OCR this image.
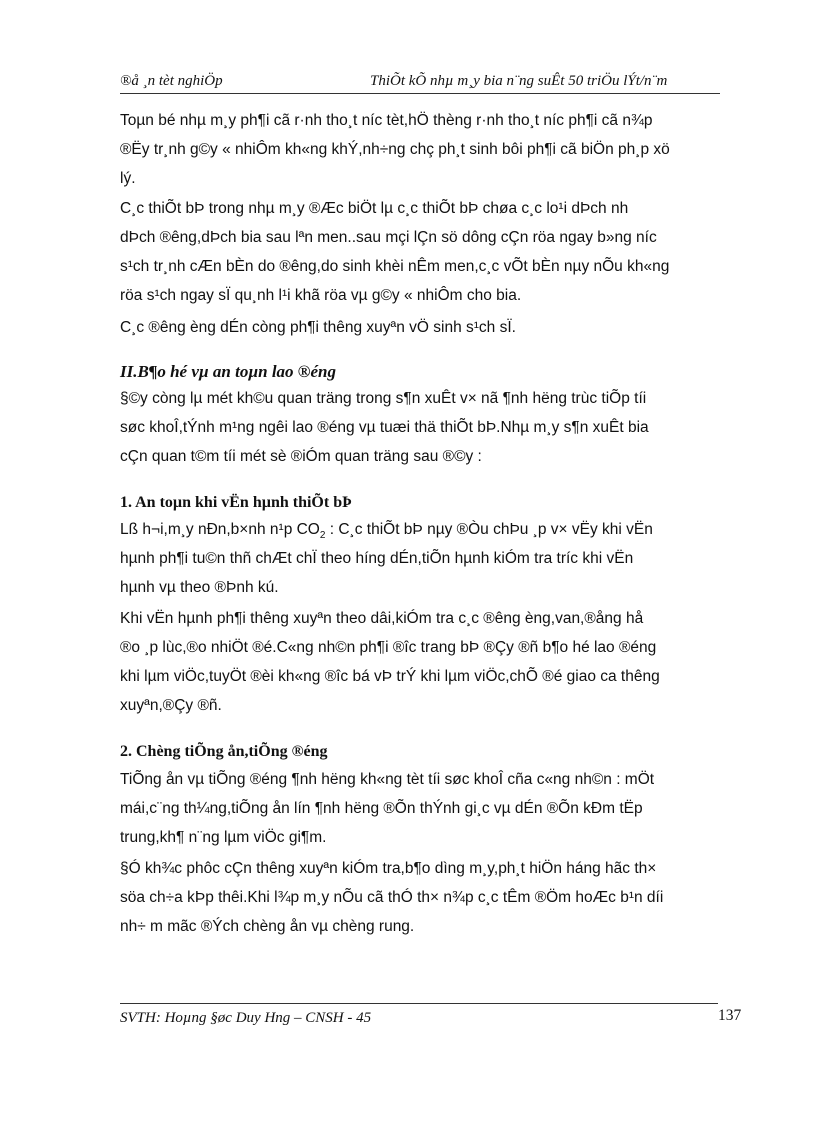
®å ¸n tèt nghiÖp	ThiÕt kÕ nhµ m¸y bia n¨ng suÊt 50 triÖu lÝt/n¨m
Toµn bé nhµ m¸y ph¶i cã r·nh tho¸t níc tèt,hÖ thèng r·nh tho¸t níc ph¶i cã n¾p
®Ëy tr¸nh g©y « nhiÔm kh«ng khÝ,nh÷ng chç ph¸t sinh bôi ph¶i cã biÖn ph¸p xö
lý.
C¸c thiÕt bÞ trong nhµ m¸y ®Æc biÖt lµ c¸c thiÕt bÞ chøa c¸c lo¹i dÞch nh
dÞch ®êng,dÞch bia sau lªn men..sau mçi lÇn sö dông cÇn röa ngay b»ng níc
s¹ch tr¸nh cÆn bÈn do ®êng,do sinh khèi nÊm men,c¸c vÕt bÈn nµy nÕu kh«ng
röa s¹ch ngay sÏ qu¸nh l¹i khã röa vµ g©y « nhiÔm cho bia.
C¸c ®êng èng dÉn còng ph¶i thêng xuyªn vÖ sinh s¹ch sÏ.
II.B¶o hé vµ an toµn lao ®éng
§©y còng lµ mét kh©u quan träng trong s¶n xuÊt v× nã ¶nh hëng trùc tiÕp tíi
søc khoÎ,tÝnh m¹ng ngêi lao ®éng vµ tuæi thä thiÕt bÞ.Nhµ m¸y s¶n xuÊt bia
cÇn quan t©m tíi mét sè ®iÓm quan träng sau ®©y :
1. An toµn khi vËn hµnh thiÕt bÞ
Lß h¬i,m¸y nÐn,b×nh n¹p $CO_2$ : C¸c thiÕt bÞ nµy ®Òu chÞu ¸p v× vËy khi vËn
hµnh ph¶i tu©n thñ chÆt chÏ theo híng dÉn,tiÕn hµnh kiÓm tra tríc khi vËn
hµnh vµ theo ®Þnh kú.
Khi vËn hµnh ph¶i thêng xuyªn theo dâi,kiÓm tra c¸c ®êng èng,van,®ång hå
®o ¸p lùc,®o nhiÖt ®é.C«ng nh©n ph¶i ®îc trang bÞ ®Çy ®ñ b¶o hé lao ®éng
khi lµm viÖc,tuyÖt ®èi kh«ng ®îc bá vÞ trÝ khi lµm viÖc,chÕ ®é giao ca thêng
xuyªn,®Çy ®ñ.
2. Chèng tiÕng ån,tiÕng ®éng
TiÕng ån vµ tiÕng ®éng ¶nh hëng kh«ng tèt tíi søc khoÎ cña c«ng nh©n : mÖt
mái,c¨ng th¼ng,tiÕng ån lín ¶nh hëng ®Õn thÝnh gi¸c vµ dÉn ®Õn kÐm tËp
trung,kh¶ n¨ng lµm viÖc gi¶m.
§Ó kh¾c phôc cÇn thêng xuyªn kiÓm tra,b¶o dìng m¸y,ph¸t hiÖn háng hãc th×
söa ch÷a kÞp thêi.Khi l¾p m¸y nÕu cã thÓ th× n¾p c¸c tÊm ®Öm hoÆc b¹n díi
nh÷ m mãc ®Ých chèng ån vµ chèng rung.
SVTH: Hoµng §øc Duy Hng – CNSH - 45	137
